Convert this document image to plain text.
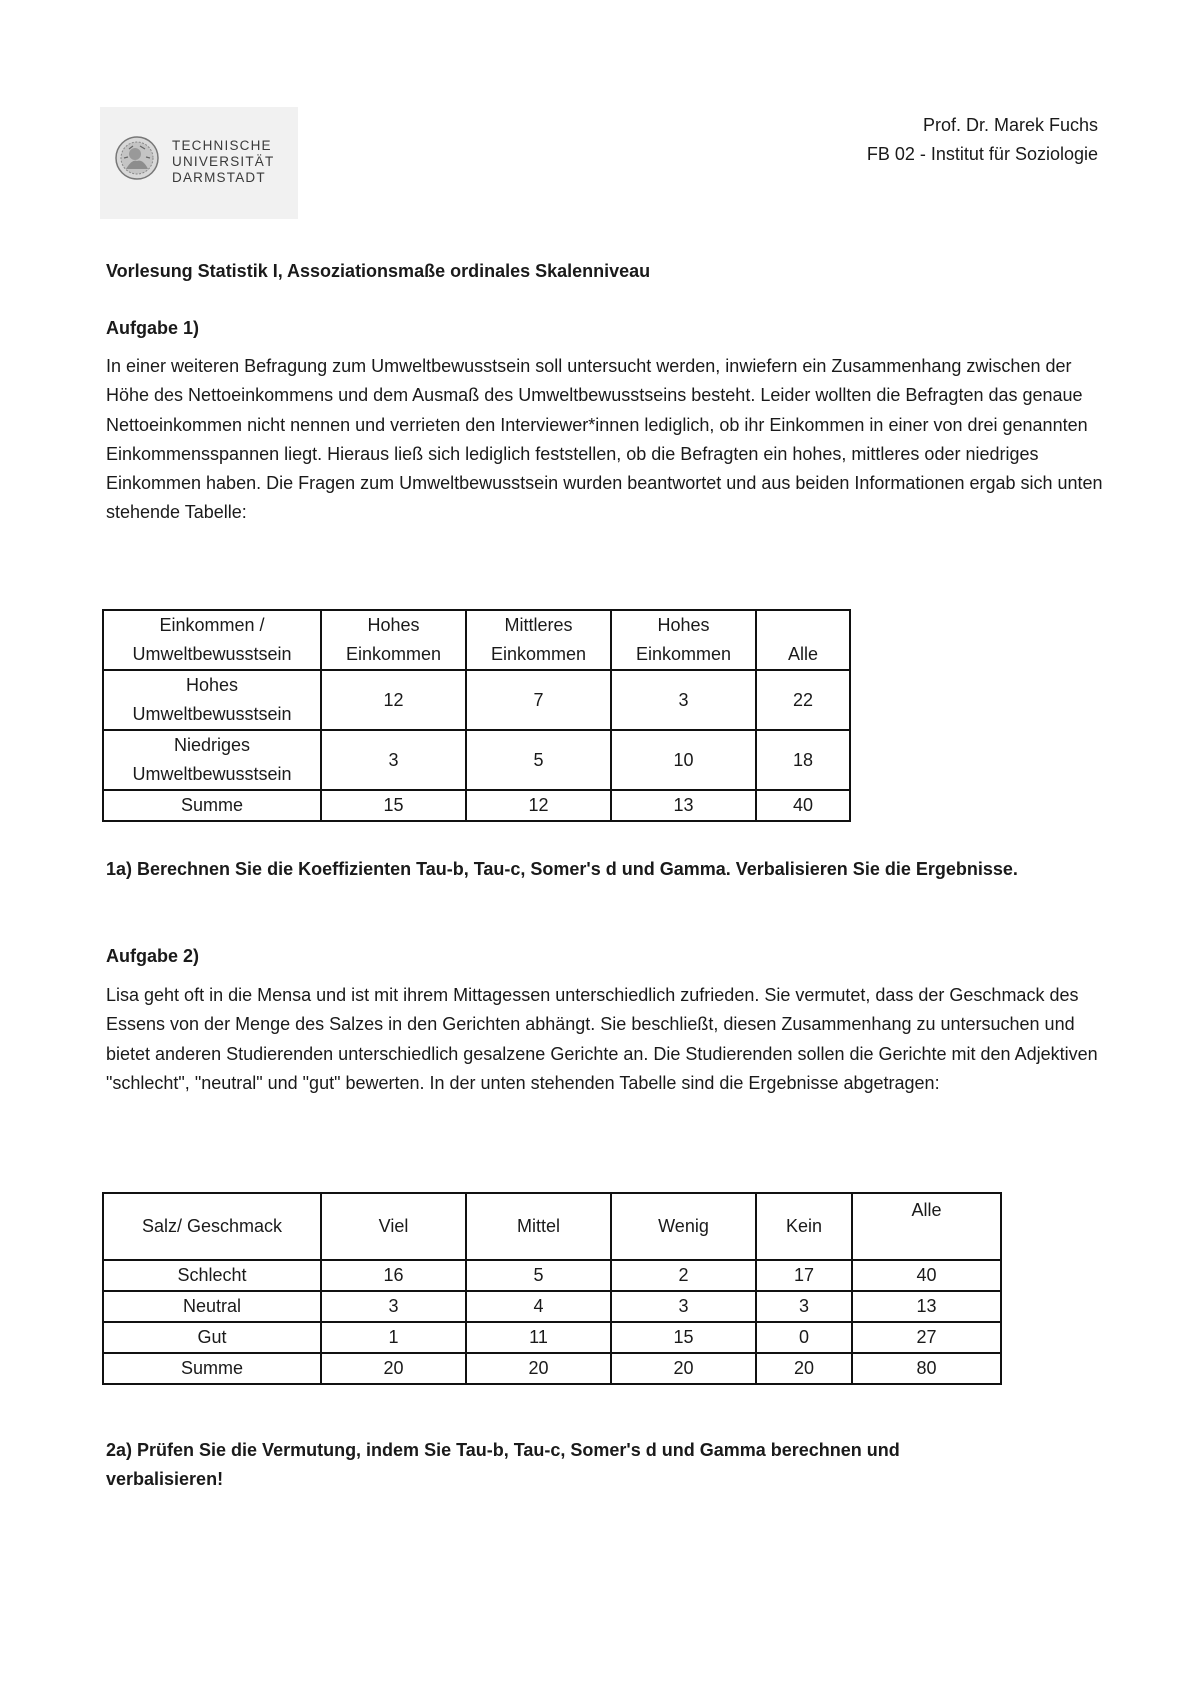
TECHNISCHE
UNIVERSITÄT
DARMSTADT
Prof. Dr. Marek Fuchs
FB 02 - Institut für Soziologie
Vorlesung Statistik I, Assoziationsmaße ordinales Skalenniveau
Aufgabe 1)
In einer weiteren Befragung zum Umweltbewusstsein soll untersucht werden, inwiefern ein Zusammenhang zwischen der Höhe des Nettoeinkommens und dem Ausmaß des Umweltbewusstseins besteht. Leider wollten die Befragten das genaue Nettoeinkommen nicht nennen und verrieten den Interviewer*innen lediglich, ob ihr Einkommen in einer von drei genannten Einkommensspannen liegt. Hieraus ließ sich lediglich feststellen, ob die Befragten ein hohes, mittleres oder niedriges Einkommen haben. Die Fragen zum Umweltbewusstsein wurden beantwortet und aus beiden Informationen ergab sich unten stehende Tabelle:
Einkommen / Umweltbewusstsein	Hohes Einkommen	Mittleres Einkommen	Hohes Einkommen	Alle
Hohes Umweltbewusstsein	12	7	3	22
Niedriges Umweltbewusstsein	3	5	10	18
Summe	15	12	13	40
1a) Berechnen Sie die Koeffizienten Tau-b, Tau-c, Somer's d und Gamma. Verbalisieren Sie die Ergebnisse.
Aufgabe 2)
Lisa geht oft in die Mensa und ist mit ihrem Mittagessen unterschiedlich zufrieden. Sie vermutet, dass der Geschmack des Essens von der Menge des Salzes in den Gerichten abhängt. Sie beschließt, diesen Zusammenhang zu untersuchen und bietet anderen Studierenden unterschiedlich gesalzene Gerichte an. Die Studierenden sollen die Gerichte mit den Adjektiven "schlecht", "neutral" und "gut" bewerten. In der unten stehenden Tabelle sind die Ergebnisse abgetragen:
Salz/ Geschmack	Viel	Mittel	Wenig	Kein	Alle
Schlecht	16	5	2	17	40
Neutral	3	4	3	3	13
Gut	1	11	15	0	27
Summe	20	20	20	20	80
2a) Prüfen Sie die Vermutung, indem Sie Tau-b, Tau-c, Somer's d und Gamma berechnen und verbalisieren!
